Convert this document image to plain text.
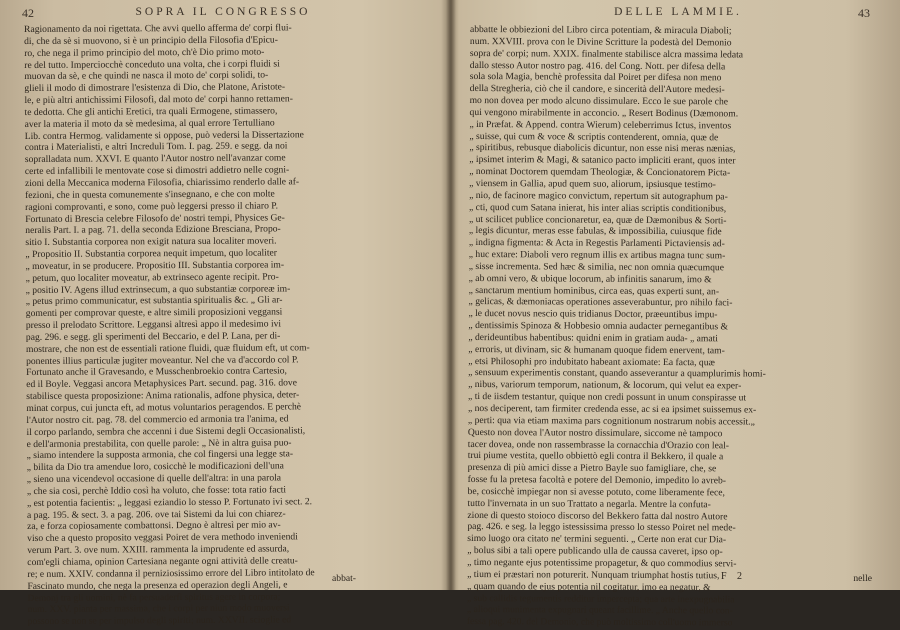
42	SOPRA IL CONGRESSO
Ragionamento da noi rigettata. Che avvi quello afferma de' corpi flui-
di, che da sè si muovono, si è un principio della Filosofia d'Epicu-
ro, che nega il primo principio del moto, ch'è Dio primo moto-
re del tutto. Imperciocchè conceduto una volta, che i corpi fluidi si
muovan da sè, e che quindi ne nasca il moto de' corpi solidi, to-
glieli il modo di dimostrare l'esistenza di Dio, che Platone, Aristote-
le, e più altri antichissimi Filosofi, dal moto de' corpi hanno rettamen-
te dedotta. Che gli antichi Eretici, tra quali Ermogene, stimassero,
aver la materia il moto da sè medesima, al qual errore Tertulliano
Lib. contra Hermog. validamente si oppose, può vedersi la Dissertazione
contra i Materialisti, e altri Increduli Tom. I. pag. 259. e segg. da noi
sopralladata num. XXVI. E quanto l'Autor nostro nell'avanzar come
certe ed infallibili le mentovate cose si dimostri addietro nelle cogni-
zioni della Meccanica moderna Filosofia, chiarissimo renderlo dalle af-
fezioni, che in questa comunemente s'insegnano, e che con molte
ragioni comprovanti, e sono, come può leggersi presso il chiaro P.
Fortunato di Brescia celebre Filosofo de' nostri tempi, Physices Ge-
neralis Part. I. a pag. 71. della seconda Edizione Bresciana, Propo-
sitio I. Substantia corporea non exigit natura sua localiter moveri.
„ Propositio II. Substantia corporea nequit impetum, quo localiter
„ moveatur, in se producere. Propositio III. Substantia corporea im-
„ petum, quo localiter moveatur, ab extrinseco agente recipit. Pro-
„ positio IV. Agens illud extrinsecum, a quo substantiæ corporeæ im-
„ petus primo communicatur, est substantia spiritualis &c. „ Gli ar-
gomenti per comprovar queste, e altre simili proposizioni veggansi
presso il prelodato Scrittore. Leggansi altresì appo il medesimo ivi
pag. 296. e segg. gli sperimenti del Beccario, e del P. Lana, per di-
mostrare, che non est de essentiali ratione fluidi, quæ fluidum eft, ut com-
ponentes illius particulæ jugiter moveantur. Nel che va d'accordo col P.
Fortunato anche il Gravesando, e Musschenbroekio contra Cartesio,
ed il Boyle. Veggasi ancora Metaphysices Part. secund. pag. 316. dove
stabilisce questa proposizione: Anima rationalis, adfone physica, deter-
minat corpus, cui juncta eft, ad motus voluntarios peragendos. E perchè
l'Autor nostro cit. pag. 78. del commercio ed armonia tra l'anima, ed
il corpo parlando, sembra che accenni i due Sistemi degli Occasionalisti,
e dell'armonia prestabilita, con quelle parole: „ Nè in altra guisa puo-
„ siamo intendere la supposta armonia, che col fingersi una legge sta-
„ bilita da Dio tra amendue loro, cosicchè le modificazioni dell'una
„ sieno una vicendevol occasione di quelle dell'altra: in una parola
„ che sia così, perchè Iddio così ha voluto, che fosse: tota ratio facti
„ est potentia facientis: „ leggasi eziandio lo stesso P. Fortunato ivi sect. 2.
a pag. 195. & sect. 3. a pag. 206. ove tai Sistemi da lui con chiarez-
za, e forza copiosamente combattonsi. Degno è altresì per mio av-
viso che a questo proposito veggasi Poiret de vera methodo inveniendi
verum Part. 3. ove num. XXIII. rammenta la imprudente ed assurda,
com'egli chiama, opinion Cartesiana negante ogni attività delle creatu-
re; e num. XXIV. condanna il perniziosissimo errore del Libro intitolato de
Fascinato mundo, che nega la presenza ed operazion degli Angeli, e
Demonj tra gli uomini, nè fa persuaderfi spiritus agere in corpora;
num. XXV. pianta per massima, che i corpi per niun modo muoversi
possono se non se per impulso degli spiriti; num. XXVII. scioglie ed
abbat-
DELLE LAMMIE.	43
abbatte le obbiezioni del Libro circa potentiam, & miracula Diaboli;
num. XXVIII. prova con le Divine Scritture la podestà del Demonio
sopra de' corpi; num. XXIX. finalmente stabilisce alcra massima ledata
dallo stesso Autor nostro pag. 416. del Cong. Nott. per difesa della
sola sola Magia, benchè professita dal Poiret per difesa non meno
della Stregheria, ciò che il candore, e sincerità dell'Autore medesi-
mo non dovea per modo alcuno dissimulare. Ecco le sue parole che
qui vengono mirabilmente in acconcio. „ Resert Bodinus (Dæmonom.
„ in Præfat. & Append. contra Wierum) celeberrimus Ictus, inventos
„ suisse, qui cum & voce & scriptis contenderent, omnia, quæ de
„ spiritibus, rebusque diabolicis dicuntur, non esse nisi meras nænias,
„ ipsimet interim & Magi, & satanico pacto impliciti erant, quos inter
„ nominat Doctorem quemdam Theologiæ, & Concionatorem Picta-
„ viensem in Gallia, apud quem suo, aliorum, ipsiusque testimo-
„ nio, de facinore magico convictum, repertum sit autographum pa-
„ cti, quod cum Satana inierat, his inter alias scriptis conditionibus,
„ ut scilicet publice concionaretur, ea, quæ de Dæmonibus & Sorti-
„ legis dicuntur, meras esse fabulas, & impossibilia, cuiusque fide
„ indigna figmenta: & Acta in Regestis Parlamenti Pictaviensis ad-
„ huc extare: Diaboli vero regnum illis ex artibus magna tunc sum-
„ sisse incrementa. Sed hæc & similia, nec non omnia quæcumque
„ ab omni vero, & ubique locorum, ab infinitis sanarum, imo &
„ sanctarum mentium hominibus, circa eas, quas experti sunt, an-
„ gelicas, & dæmoniacas operationes asseverabuntur, pro nihilo faci-
„ le ducet novus nescio quis tridianus Doctor, præeuntibus impu-
„ dentissimis Spinoza & Hobbesio omnia audacter pernegantibus &
„ derideuntibus habentibus: quidni enim in gratiam auda- „ amati
„ erroris, ut divinam, sic & humanam quoque fidem enervent, tam-
„ etsi Philosophi pro indubitato habeant axiomate: Ea facta, quæ
„ sensuum experimentis constant, quando asseverantur a quamplurimis homi-
„ nibus, variorum temporum, nationum, & locorum, qui velut ea exper-
„ ti de iisdem testantur, quique non credi possunt in unum conspirasse ut
„ nos deciperent, tam firmiter credenda esse, ac si ea ipsimet suissemus ex-
„ perti: qua via etiam maxima pars cognitionum nostrarum nobis accessit.„
Questo non dovea l'Autor nostro dissimulare, siccome nè tampoco
tacer dovea, onde non rassembrasse la cornacchia d'Orazio con leal-
trui piume vestita, quello obbiettò egli contra il Bekkero, il quale a
presenza di più amici disse a Pietro Bayle suo famigliare, che, se
fosse fu la pretesa facoltà e potere del Demonio, impedito lo avreb-
be, cosicchè impiegar non si avesse potuto, come liberamente fece,
tutto l'invernata in un suo Trattato a negarla. Mentre la confuta-
zione di questo stoioco discorso del Bekkero fatta dal nostro Autore
pag. 426. e seg. la leggo istessissima presso lo stesso Poiret nel mede-
simo luogo ora citato ne' termini seguenti. „ Certe non erat cur Dia-
„ bolus sibi a tali opere publicando ulla de caussa caveret, ipso op-
„ timo negante ejus potentissime propagetur, & quo commodius servi-
„ tium ei præstari non poturerit. Nunquam triumphat hostis tutius,
„ quam quando de ejus potentia nil cogitatur, imo ea negatur, &
„ sub callidis tegumentis redditur impercepta; qua arte inexpugnabilia
„ alioqui munimenta expugnari queant facillime. „ Anche quello con-
fessa pag. 420. del Demonio, che può moltissimo coll'uomo immerso
F 2	nelle
